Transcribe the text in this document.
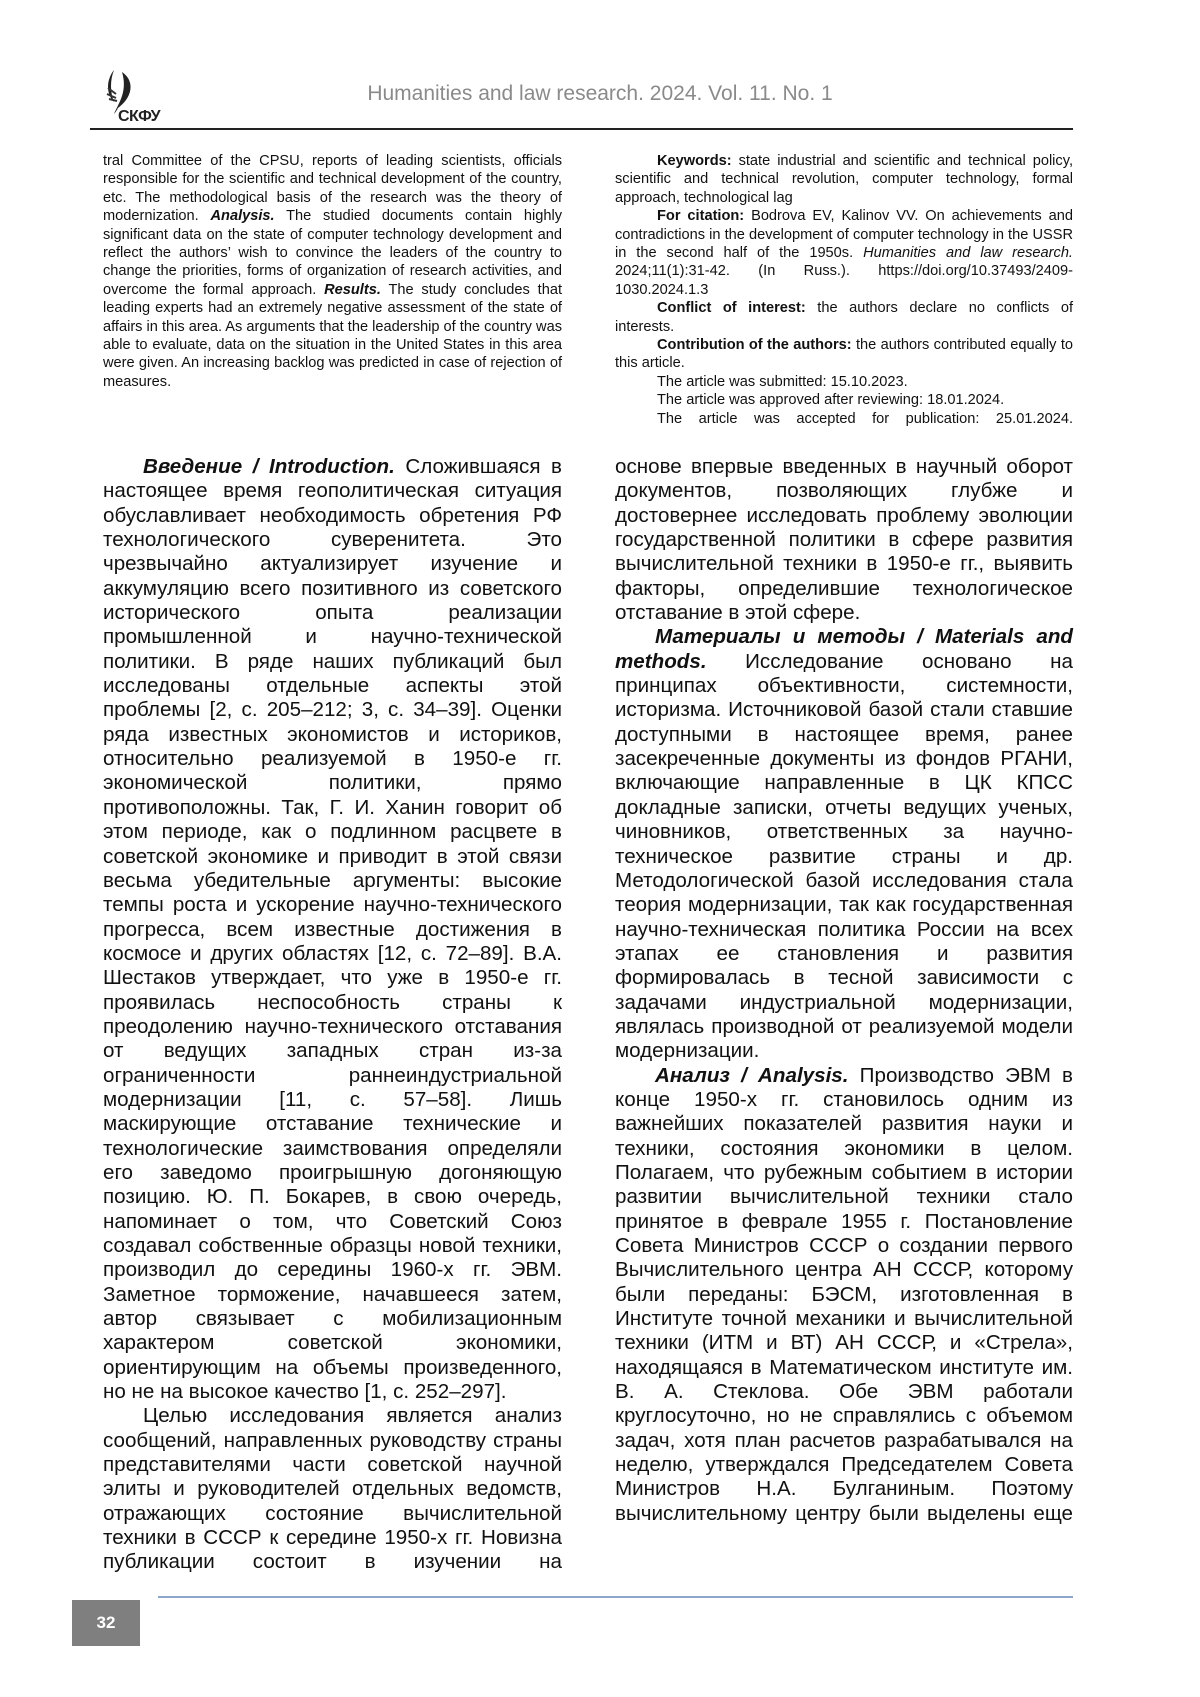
СКФУ
Humanities and law research. 2024. Vol. 11. No. 1

tral Committee of the CPSU, reports of leading scientists, officials responsible for the scientific and technical development of the country, etc. The methodological basis of the research was the theory of modernization. Analysis. The studied documents contain highly significant data on the state of computer technology development and reflect the authors’ wish to convince the leaders of the country to change the priorities, forms of organization of research activities, and overcome the formal approach. Results. The study concludes that leading experts had an extremely negative assessment of the state of affairs in this area. As arguments that the leadership of the country was able to evaluate, data on the situation in the United States in this area were given. An increasing backlog was predicted in case of rejection of measures.

Keywords: state industrial and scientific and technical policy, scientific and technical revolution, computer technology, formal approach, technological lag

For citation: Bodrova EV, Kalinov VV. On achievements and contradictions in the development of computer technology in the USSR in the second half of the 1950s. Humanities and law research. 2024;11(1):31-42. (In Russ.). https://doi.org/10.37493/2409-1030.2024.1.3

Conflict of interest: the authors declare no conflicts of interests.

Contribution of the authors: the authors contributed equally to this article.

The article was submitted: 15.10.2023.

The article was approved after reviewing: 18.01.2024.

The article was accepted for publication: 25.01.2024.

Введение / Introduction. Сложившаяся в настоящее время геополитическая ситуация обуславливает необходимость обретения РФ технологического суверенитета. Это чрезвычайно актуализирует изучение и аккумуляцию всего позитивного из советского исторического опыта реализации промышленной и научно-технической политики. В ряде наших публикаций был исследованы отдельные аспекты этой проблемы [2, с. 205–212; 3, с. 34–39]. Оценки ряда известных экономистов и историков, относительно реализуемой в 1950-е гг. экономической политики, прямо противоположны. Так, Г. И. Ханин говорит об этом периоде, как о подлинном расцвете в советской экономике и приводит в этой связи весьма убедительные аргументы: высокие темпы роста и ускорение научно-технического прогресса, всем известные достижения в космосе и других областях [12, с. 72–89]. В.А. Шестаков утверждает, что уже в 1950-е гг. проявилась неспособность страны к преодолению научно-технического отставания от ведущих западных стран из-за ограниченности раннеиндустриальной модернизации [11, с. 57–58]. Лишь маскирующие отставание технические и технологические заимствования определяли его заведомо проигрышную догоняющую позицию. Ю. П. Бокарев, в свою очередь, напоминает о том, что Советский Союз создавал собственные образцы новой техники, производил до середины 1960-х гг. ЭВМ. Заметное торможение, начавшееся затем, автор связывает с мобилизационным характером советской экономики, ориентирующим на объемы произведенного, но не на высокое качество [1, с. 252–297].

Целью исследования является анализ сообщений, направленных руководству страны представителями части советской научной элиты и руководителей отдельных ведомств, отражающих состояние вычислительной техники в СССР к середине 1950-х гг. Новизна публикации состоит в изучении на

основе впервые введенных в научный оборот документов, позволяющих глубже и достовернее исследовать проблему эволюции государственной политики в сфере развития вычислительной техники в 1950-е гг., выявить факторы, определившие технологическое отставание в этой сфере.

Материалы и методы / Materials and methods. Исследование основано на принципах объективности, системности, историзма. Источниковой базой стали ставшие доступными в настоящее время, ранее засекреченные документы из фондов РГАНИ, включающие направленные в ЦК КПСС докладные записки, отчеты ведущих ученых, чиновников, ответственных за научно-техническое развитие страны и др. Методологической базой исследования стала теория модернизации, так как государственная научно-техническая политика России на всех этапах ее становления и развития формировалась в тесной зависимости с задачами индустриальной модернизации, являлась производной от реализуемой модели модернизации.

Анализ / Analysis. Производство ЭВМ в конце 1950-х гг. становилось одним из важнейших показателей развития науки и техники, состояния экономики в целом. Полагаем, что рубежным событием в истории развитии вычислительной техники стало принятое в феврале 1955 г. Постановление Совета Министров СССР о создании первого Вычислительного центра АН СССР, которому были переданы: БЭСМ, изготовленная в Институте точной механики и вычислительной техники (ИТМ и ВТ) АН СССР, и «Стрела», находящаяся в Математическом институте им. В. А. Стеклова. Обе ЭВМ работали круглосуточно, но не справлялись с объемом задач, хотя план расчетов разрабатывался на неделю, утверждался Председателем Совета Министров Н.А. Булганиным. Поэтому вычислительному центру были выделены еще

32
